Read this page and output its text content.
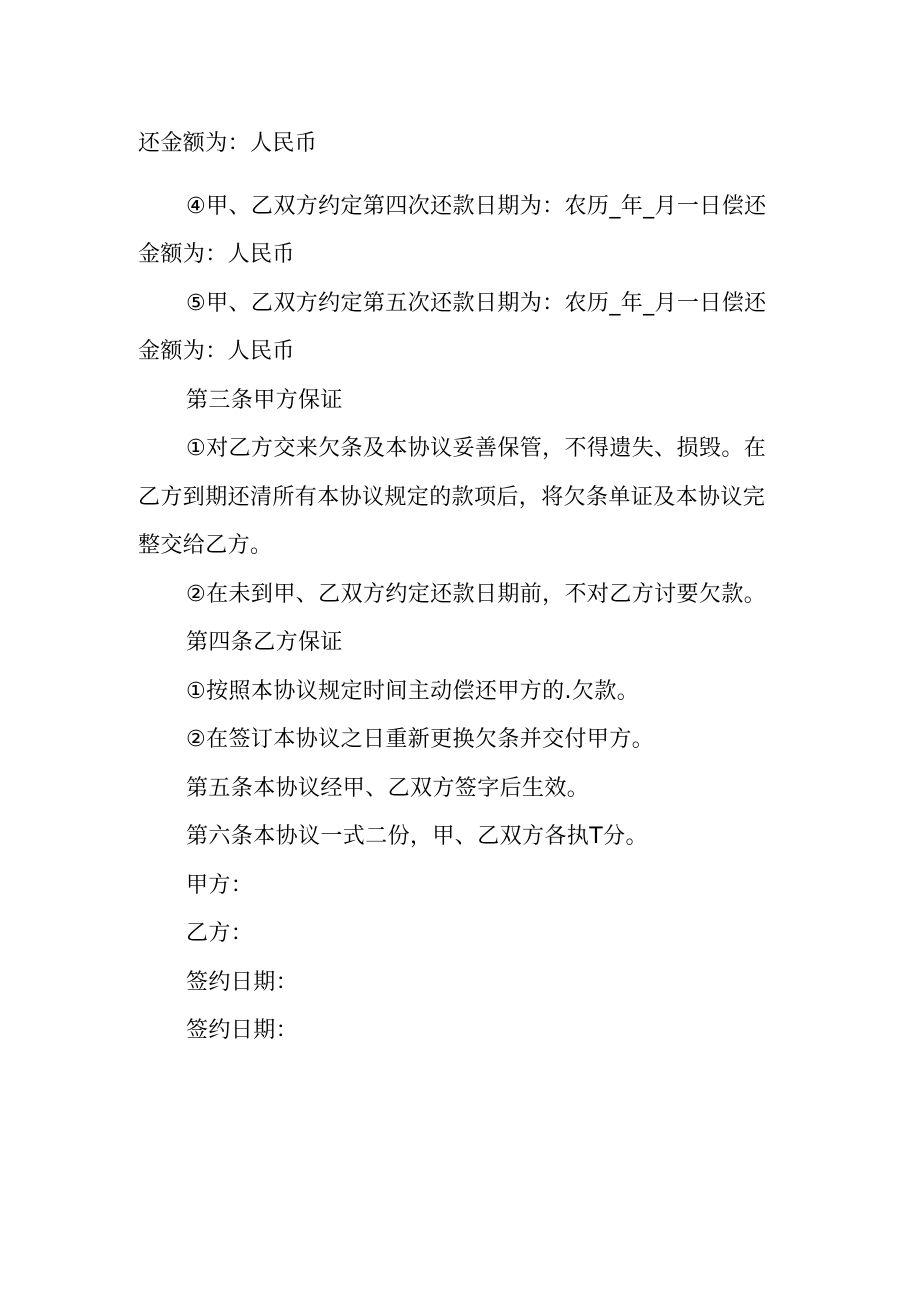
还金额为：人民币
④甲、乙双方约定第四次还款日期为：农历_年_月一日偿还
金额为：人民币
⑤甲、乙双方约定第五次还款日期为：农历_年_月一日偿还
金额为：人民币
第三条甲方保证
①对乙方交来欠条及本协议妥善保管，不得遗失、损毁。在
乙方到期还清所有本协议规定的款项后，将欠条单证及本协议完
整交给乙方。
②在未到甲、乙双方约定还款日期前，不对乙方讨要欠款。
第四条乙方保证
①按照本协议规定时间主动偿还甲方的.欠款。
②在签订本协议之日重新更换欠条并交付甲方。
第五条本协议经甲、乙双方签字后生效。
第六条本协议一式二份，甲、乙双方各执T分。
甲方：
乙方：
签约日期：
签约日期：
